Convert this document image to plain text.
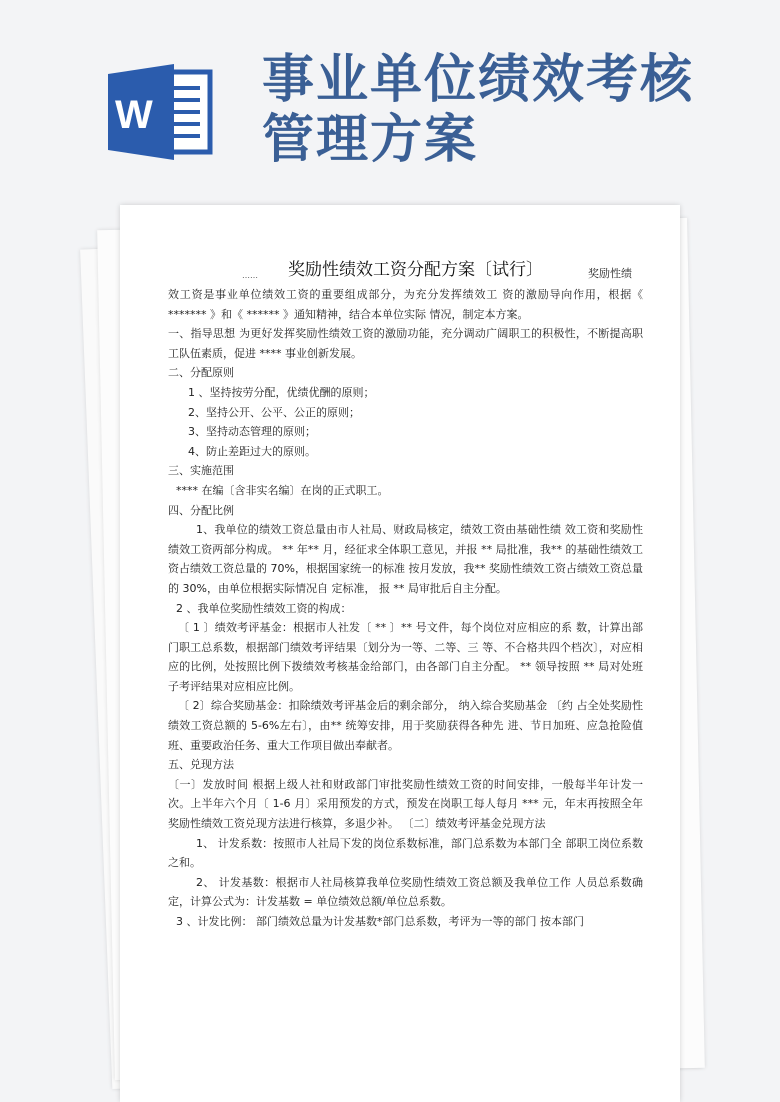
W
事业单位绩效考核
管理方案
…… 奖励性绩效工资分配方案〔试行〕	奖励性绩

效工资是事业单位绩效工资的重要组成部分，为充分发挥绩效工 资的激励导向作用，根据《 ******* 》和《 ****** 》通知精神，结合本单位实际 情况，制定本方案。

一、指导思想 为更好发挥奖励性绩效工资的激励功能，充分调动广阔职工的积极性，不断提高职工队伍素质，促进 **** 事业创新发展。

二、分配原则

1 、坚持按劳分配，优绩优酬的原则；

2、坚持公开、公平、公正的原则；

3、坚持动态管理的原则；

4、防止差距过大的原则。

三、实施范围

**** 在编〔含非实名编〕在岗的正式职工。

四、分配比例

1、我单位的绩效工资总量由市人社局、财政局核定，绩效工资由基础性绩 效工资和奖励性绩效工资两部分构成。 ** 年** 月，经征求全体职工意见，并报 ** 局批准，我** 的基础性绩效工资占绩效工资总量的 70%，根据国家统一的标准 按月发放，我** 奖励性绩效工资占绩效工资总量的 30%，由单位根据实际情况自 定标准， 报 ** 局审批后自主分配。

2 、我单位奖励性绩效工资的构成：

〔 1 〕绩效考评基金：根据市人社发〔 ** 〕** 号文件，每个岗位对应相应的系 数，计算出部门职工总系数，根据部门绩效考评结果〔划分为一等、二等、三 等、不合格共四个档次〕，对应相应的比例，处按照比例下拨绩效考核基金给部门，由各部门自主分配。 ** 领导按照 ** 局对处班子考评结果对应相应比例。

〔 2〕综合奖励基金：扣除绩效考评基金后的剩余部分， 纳入综合奖励基金 〔约 占全处奖励性绩效工资总额的 5-6%左右〕，由** 统筹安排，用于奖励获得各种先 进、节日加班、应急抢险值班、重要政治任务、重大工作项目做出奉献者。

五、兑现方法

〔一〕发放时间 根据上级人社和财政部门审批奖励性绩效工资的时间安排，一般每半年计发一次。上半年六个月〔 1-6 月〕采用预发的方式，预发在岗职工每人每月 *** 元，年末再按照全年奖励性绩效工资兑现方法进行核算，多退少补。 〔二〕绩效考评基金兑现方法

1、 计发系数：按照市人社局下发的岗位系数标准，部门总系数为本部门全 部职工岗位系数之和。

2、 计发基数：根据市人社局核算我单位奖励性绩效工资总额及我单位工作 人员总系数确定，计算公式为：计发基数 = 单位绩效总额/单位总系数。

3 、计发比例： 部门绩效总量为计发基数*部门总系数，考评为一等的部门 按本部门
